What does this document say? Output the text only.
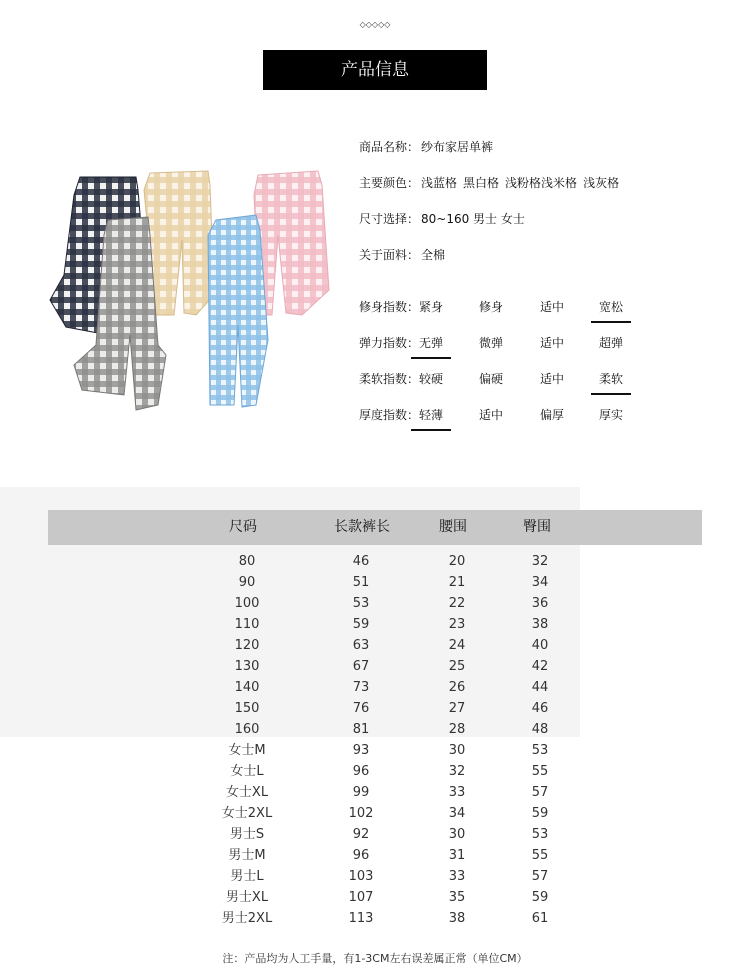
◇◇◇◇◇
产品信息
商品名称： 纱布家居单裤
主要颜色： 浅蓝格 黑白格 浅粉格浅米格 浅灰格
尺寸选择： 80~160 男士 女士
关于面料： 全棉
修身指数： 紧身	修身	适中	宽松
弹力指数： 无弹	微弹	适中	超弹
柔软指数： 较硬	偏硬	适中	柔软
厚度指数： 轻薄	适中	偏厚	厚实
尺码	长款裤长	腰围	臀围
80	46	20	32
90	51	21	34
100	53	22	36
110	59	23	38
120	63	24	40
130	67	25	42
140	73	26	44
150	76	27	46
160	81	28	48
女士M	93	30	53
女士L	96	32	55
女士XL	99	33	57
女士2XL	102	34	59
男士S	92	30	53
男士M	96	31	55
男士L	103	33	57
男士XL	107	35	59
男士2XL	113	38	61
注：产品均为人工手量，有1-3CM左右误差属正常（单位CM）
